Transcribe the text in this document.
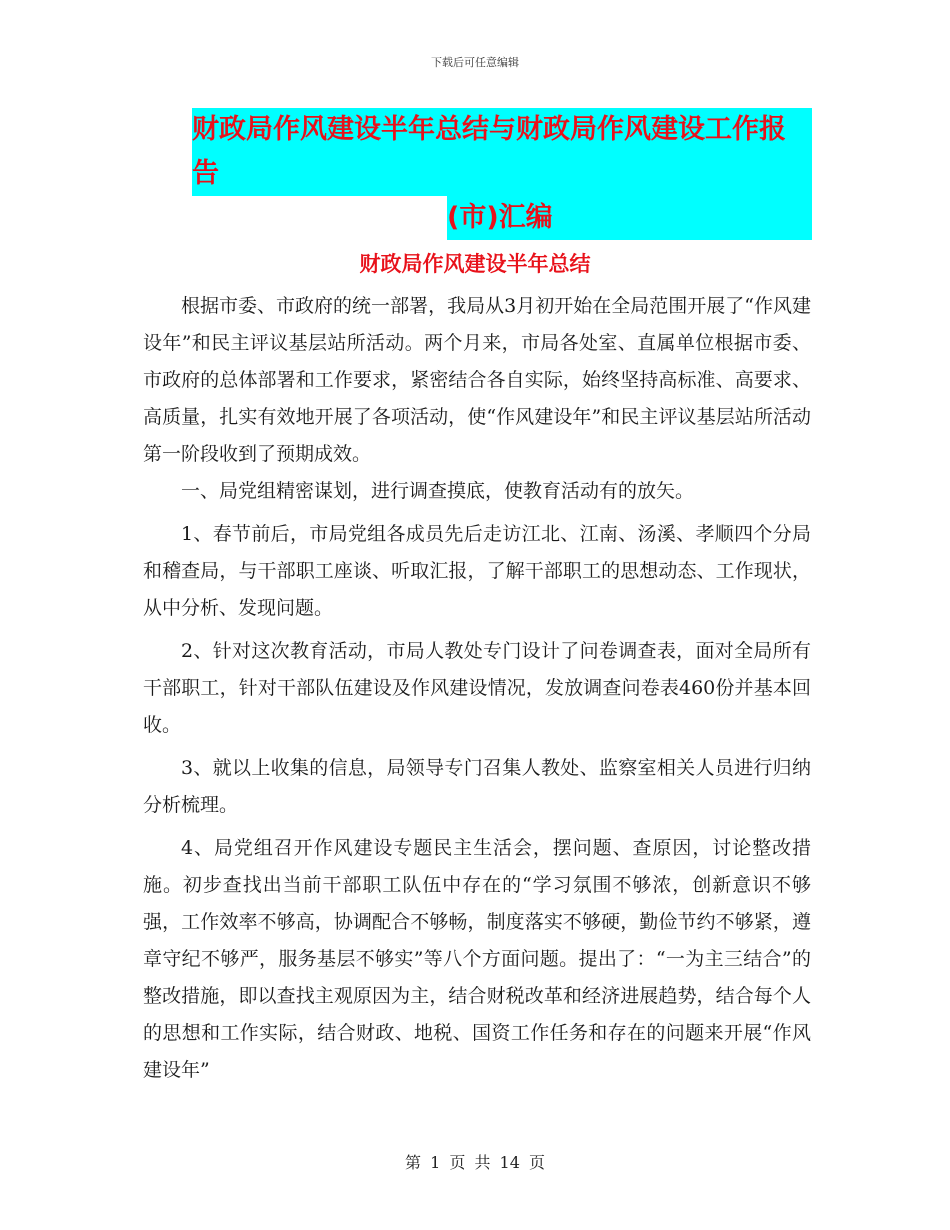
下载后可任意编辑
财政局作风建设半年总结与财政局作风建设工作报告
(市)汇编
财政局作风建设半年总结

根据市委、市政府的统一部署，我局从3月初开始在全局范围开展了“作风建设年”和民主评议基层站所活动。两个月来，市局各处室、直属单位根据市委、市政府的总体部署和工作要求，紧密结合各自实际，始终坚持高标准、高要求、高质量，扎实有效地开展了各项活动，使“作风建设年”和民主评议基层站所活动第一阶段收到了预期成效。

一、局党组精密谋划，进行调查摸底，使教育活动有的放矢。

1、春节前后，市局党组各成员先后走访江北、江南、汤溪、孝顺四个分局和稽查局，与干部职工座谈、听取汇报，了解干部职工的思想动态、工作现状，从中分析、发现问题。

2、针对这次教育活动，市局人教处专门设计了问卷调查表，面对全局所有干部职工，针对干部队伍建设及作风建设情况，发放调查问卷表460份并基本回收。

3、就以上收集的信息，局领导专门召集人教处、监察室相关人员进行归纳分析梳理。

4、局党组召开作风建设专题民主生活会，摆问题、查原因，讨论整改措施。初步查找出当前干部职工队伍中存在的“学习氛围不够浓，创新意识不够强，工作效率不够高，协调配合不够畅，制度落实不够硬，勤俭节约不够紧，遵章守纪不够严，服务基层不够实”等八个方面问题。提出了：“一为主三结合”的整改措施，即以查找主观原因为主，结合财税改革和经济进展趋势，结合每个人的思想和工作实际，结合财政、地税、国资工作任务和存在的问题来开展“作风建设年”

第 1 页 共 14 页
